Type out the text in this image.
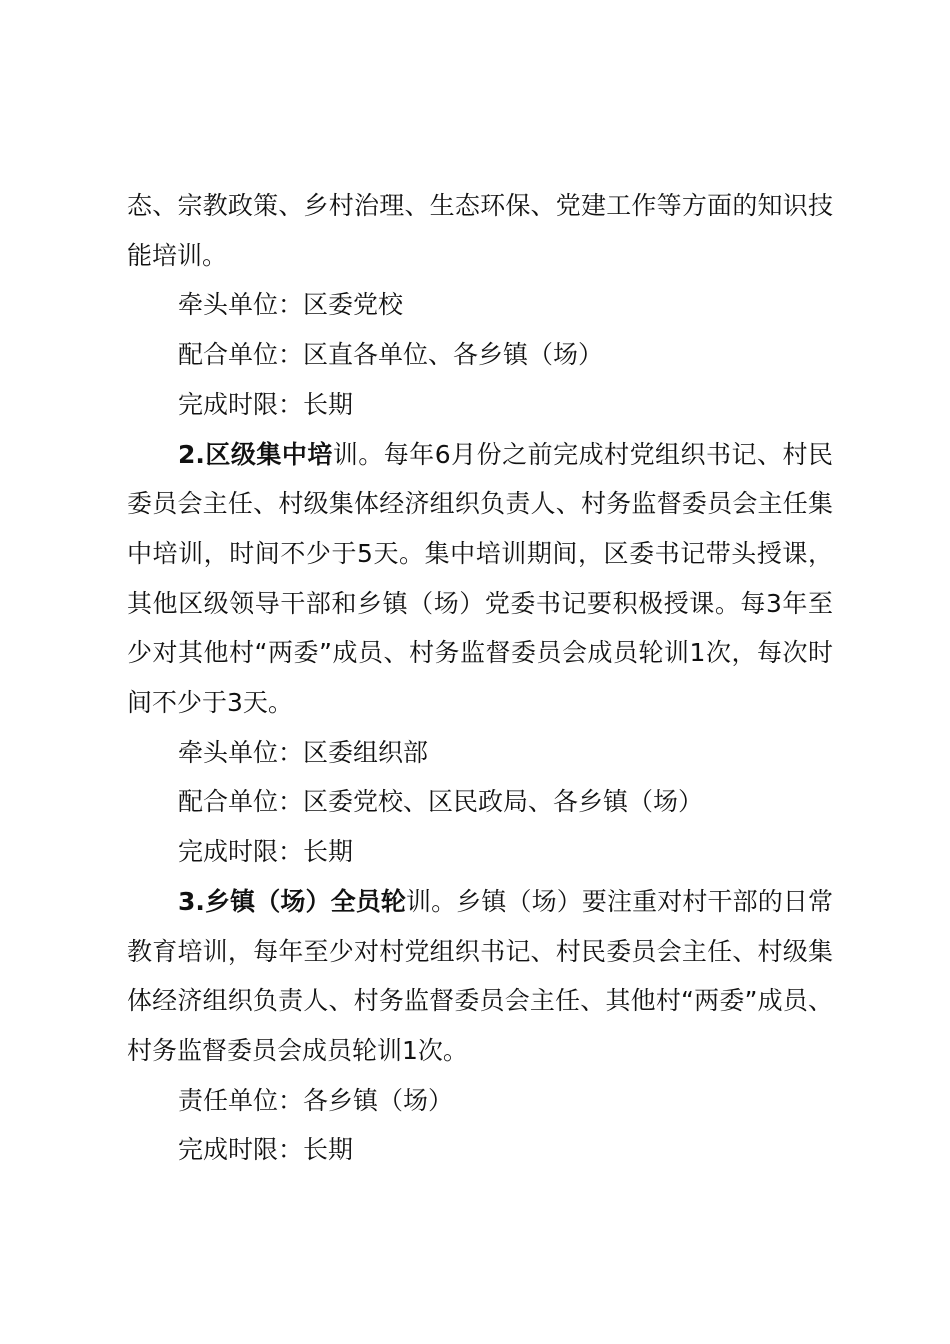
态、宗教政策、乡村治理、生态环保、党建工作等方面的知识技能培训。

牵头单位：区委党校

配合单位：区直各单位、各乡镇（场）

完成时限：长期

2.区级集中培训。每年6月份之前完成村党组织书记、村民委员会主任、村级集体经济组织负责人、村务监督委员会主任集中培训，时间不少于5天。集中培训期间，区委书记带头授课，其他区级领导干部和乡镇（场）党委书记要积极授课。每3年至少对其他村“两委”成员、村务监督委员会成员轮训1次，每次时间不少于3天。

牵头单位：区委组织部

配合单位：区委党校、区民政局、各乡镇（场）

完成时限：长期

3.乡镇（场）全员轮训。乡镇（场）要注重对村干部的日常教育培训，每年至少对村党组织书记、村民委员会主任、村级集体经济组织负责人、村务监督委员会主任、其他村“两委”成员、村务监督委员会成员轮训1次。

责任单位：各乡镇（场）

完成时限：长期
